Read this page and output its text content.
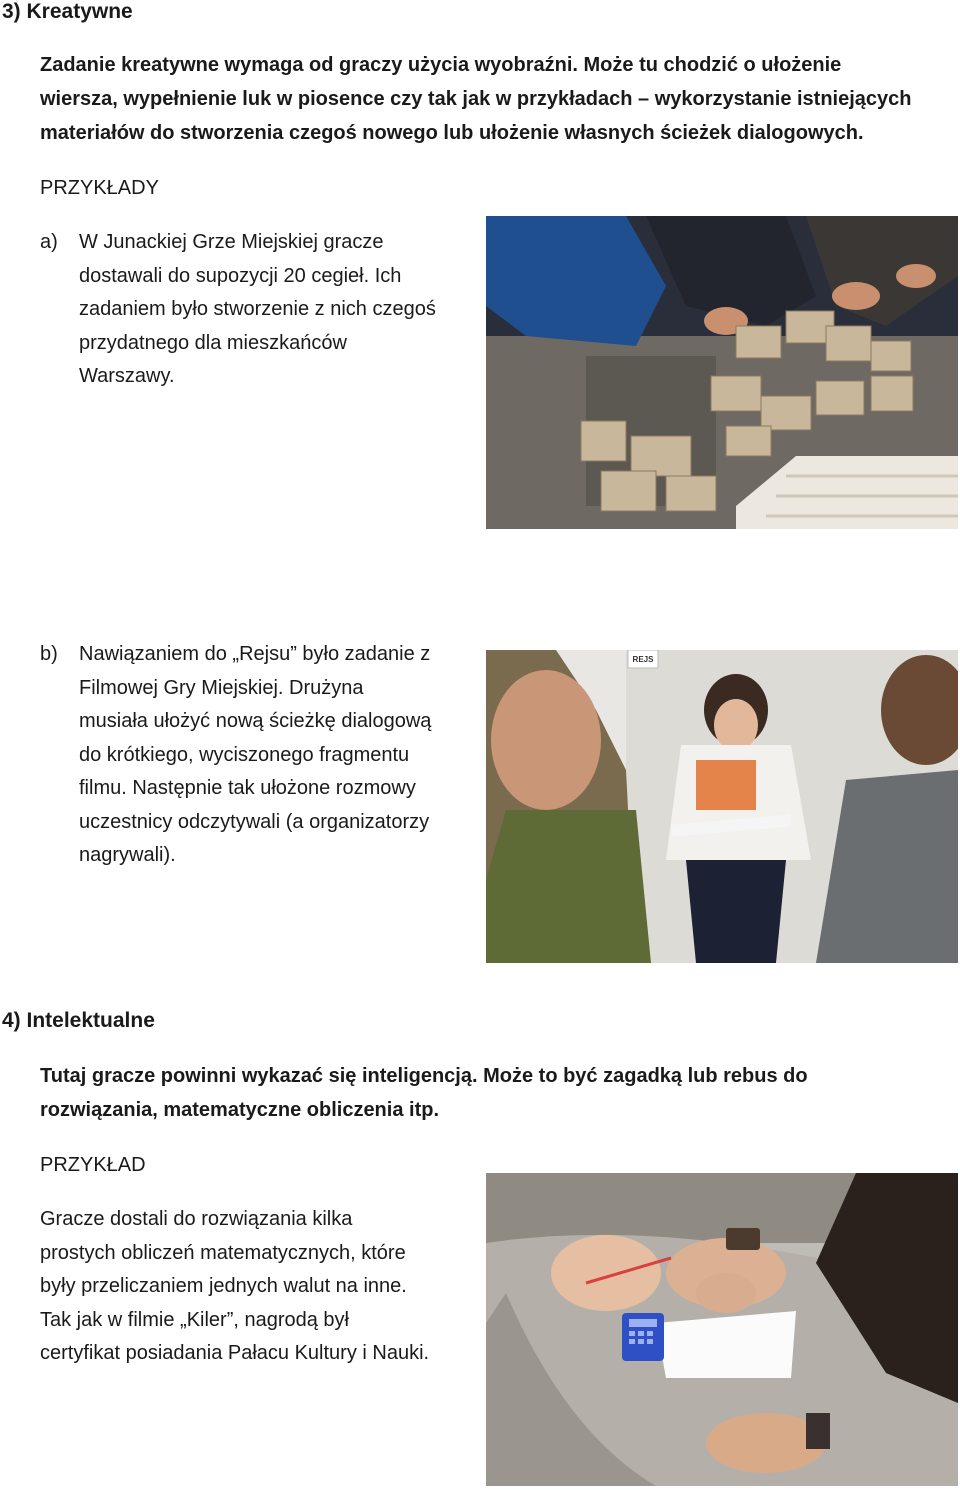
3) Kreatywne
Zadanie kreatywne wymaga od graczy użycia wyobraźni. Może tu chodzić o ułożenie
wiersza, wypełnienie luk w piosence czy tak jak w przykładach – wykorzystanie istniejących
materiałów do stworzenia czegoś nowego lub ułożenie własnych ścieżek dialogowych.
PRZYKŁADY
a) W Junackiej Grze Miejskiej gracze
dostawali do supozycji 20 cegieł. Ich
zadaniem było stworzenie z nich czegoś
przydatnego dla mieszkańców
Warszawy.
b) Nawiązaniem do „Rejsu” było zadanie z
Filmowej Gry Miejskiej. Drużyna
musiała ułożyć nową ścieżkę dialogową
do krótkiego, wyciszonego fragmentu
filmu. Następnie tak ułożone rozmowy
uczestnicy odczytywali (a organizatorzy
nagrywali).
REJS
4) Intelektualne
Tutaj gracze powinni wykazać się inteligencją. Może to być zagadką lub rebus do
rozwiązania, matematyczne obliczenia itp.
PRZYKŁAD
Gracze dostali do rozwiązania kilka
prostych obliczeń matematycznych, które
były przeliczaniem jednych walut na inne.
Tak jak w filmie „Kiler”, nagrodą był
certyfikat posiadania Pałacu Kultury i Nauki.
